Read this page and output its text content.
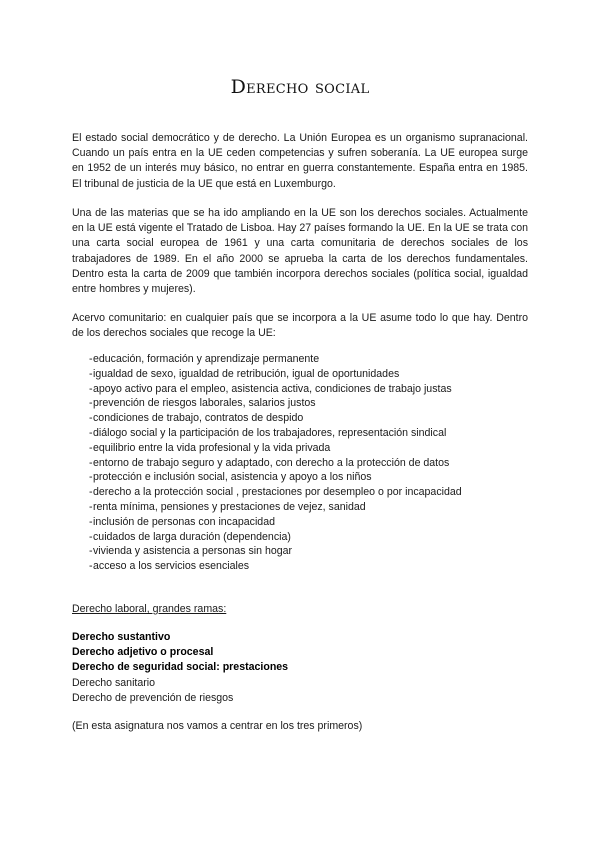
Derecho social

El estado social democrático y de derecho. La Unión Europea es un organismo supranacional. Cuando un país entra en la UE ceden competencias y sufren soberanía. La UE europea surge en 1952 de un interés muy básico, no entrar en guerra constantemente. España entra en 1985. El tribunal de justicia de la UE que está en Luxemburgo.

Una de las materias que se ha ido ampliando en la UE son los derechos sociales. Actualmente en la UE está vigente el Tratado de Lisboa. Hay 27 países formando la UE. En la UE se trata con una carta social europea de 1961 y una carta comunitaria de derechos sociales de los trabajadores de 1989. En el año 2000 se aprueba la carta de los derechos fundamentales. Dentro esta la carta de 2009 que también incorpora derechos sociales (política social, igualdad entre hombres y mujeres).

Acervo comunitario: en cualquier país que se incorpora a la UE asume todo lo que hay. Dentro de los derechos sociales que recoge la UE:

- educación, formación y aprendizaje permanente
- igualdad de sexo, igualdad de retribución, igual de oportunidades
- apoyo activo para el empleo, asistencia activa, condiciones de trabajo justas
- prevención de riesgos laborales, salarios justos
- condiciones de trabajo, contratos de despido
- diálogo social y la participación de los trabajadores, representación sindical
- equilibrio entre la vida profesional y la vida privada
- entorno de trabajo seguro y adaptado, con derecho a la protección de datos
- protección e inclusión social, asistencia y apoyo a los niños
- derecho a la protección social , prestaciones por desempleo o por incapacidad
- renta mínima, pensiones y prestaciones de vejez, sanidad
- inclusión de personas con incapacidad
- cuidados de larga duración (dependencia)
- vivienda y asistencia a personas sin hogar
- acceso a los servicios esenciales
Derecho laboral, grandes ramas:
Derecho sustantivo
Derecho adjetivo o procesal
Derecho de seguridad social: prestaciones
Derecho sanitario
Derecho de prevención de riesgos
(En esta asignatura nos vamos a centrar en los tres primeros)
